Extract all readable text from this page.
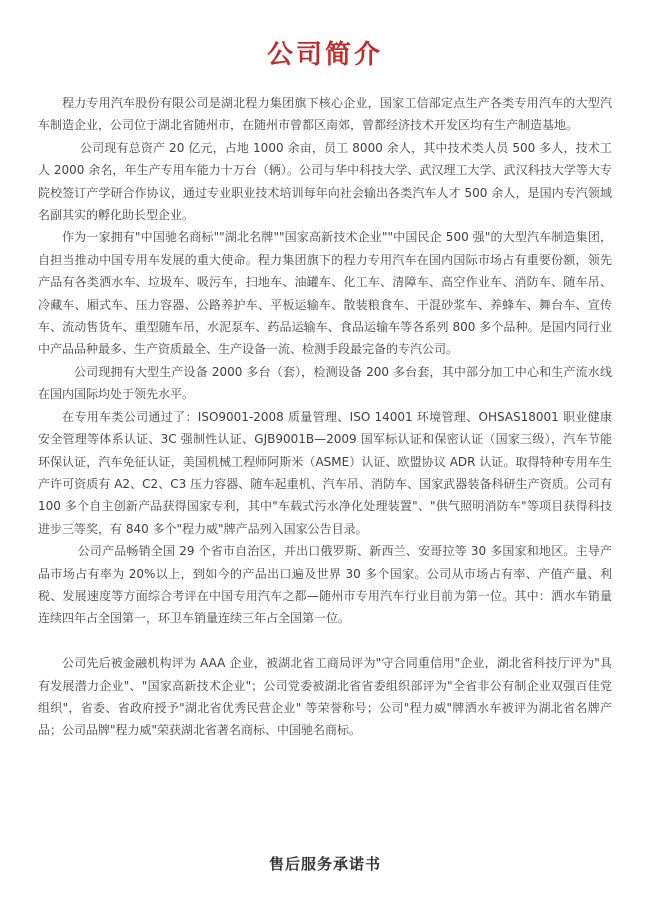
公司简介

程力专用汽车股份有限公司是湖北程力集团旗下核心企业，国家工信部定点生产各类专用汽车的大型汽车制造企业，公司位于湖北省随州市，在随州市曾都区南郊，曾都经济技术开发区均有生产制造基地。

公司现有总资产 20 亿元，占地 1000 余亩，员工 8000 余人，其中技术类人员 500 多人，技术工人 2000 余名，年生产专用车能力十万台（辆）。公司与华中科技大学、武汉理工大学、武汉科技大学等大专院校签订产学研合作协议，通过专业职业技术培训每年向社会输出各类汽车人才 500 余人，是国内专汽领域名副其实的孵化助长型企业。

作为一家拥有"中国驰名商标""湖北名牌""国家高新技术企业""中国民企 500 强"的大型汽车制造集团，自担当推动中国专用车发展的重大使命。程力集团旗下的程力专用汽车在国内国际市场占有重要份额，领先产品有各类洒水车、垃圾车、吸污车，扫地车、油罐车、化工车、清障车、高空作业车、消防车、随车吊、冷藏车、厢式车、压力容器、公路养护车、平板运输车、散装粮食车、干混砂浆车、养蜂车、舞台车、宣传车、流动售货车、重型随车吊，水泥泵车、药品运输车、食品运输车等各系列 800 多个品种。是国内同行业中产品品种最多、生产资质最全、生产设备一流、检测手段最完备的专汽公司。

公司现拥有大型生产设备 2000 多台（套），检测设备 200 多台套，其中部分加工中心和生产流水线在国内国际均处于领先水平。

在专用车类公司通过了：ISO9001-2008 质量管理、ISO 14001 环境管理、OHSAS18001 职业健康安全管理等体系认证、3C 强制性认证、GJB9001B—2009 国军标认证和保密认证（国家三级），汽车节能环保认证，汽车免征认证，美国机械工程师阿斯米（ASME）认证、欧盟协议 ADR 认证。取得特种专用车生产许可资质有 A2、C2、C3 压力容器、随车起重机、汽车吊、消防车、国家武器装备科研生产资质。公司有 100 多个自主创新产品获得国家专利，其中"车载式污水净化处理装置"、"供气照明消防车"等项目获得科技进步三等奖，有 840 多个"程力威"牌产品列入国家公告目录。

公司产品畅销全国 29 个省市自治区，并出口俄罗斯、新西兰、安哥拉等 30 多国家和地区。主导产品市场占有率为 20%以上，到如今的产品出口遍及世界 30 多个国家。公司从市场占有率、产值产量、利税、发展速度等方面综合考评在中国专用汽车之都—随州市专用汽车行业目前为第一位。其中：洒水车销量连续四年占全国第一，环卫车销量连续三年占全国第一位。

公司先后被金融机构评为 AAA 企业，被湖北省工商局评为"守合同重信用"企业，湖北省科技厅评为"具有发展潜力企业"、"国家高新技术企业"；公司党委被湖北省省委组织部评为"全省非公有制企业双强百佳党组织"，省委、省政府授予"湖北省优秀民营企业" 等荣誉称号；公司"程力威"牌洒水车被评为湖北省名牌产品；公司品牌"程力威"荣获湖北省著名商标、中国驰名商标。

售后服务承诺书
